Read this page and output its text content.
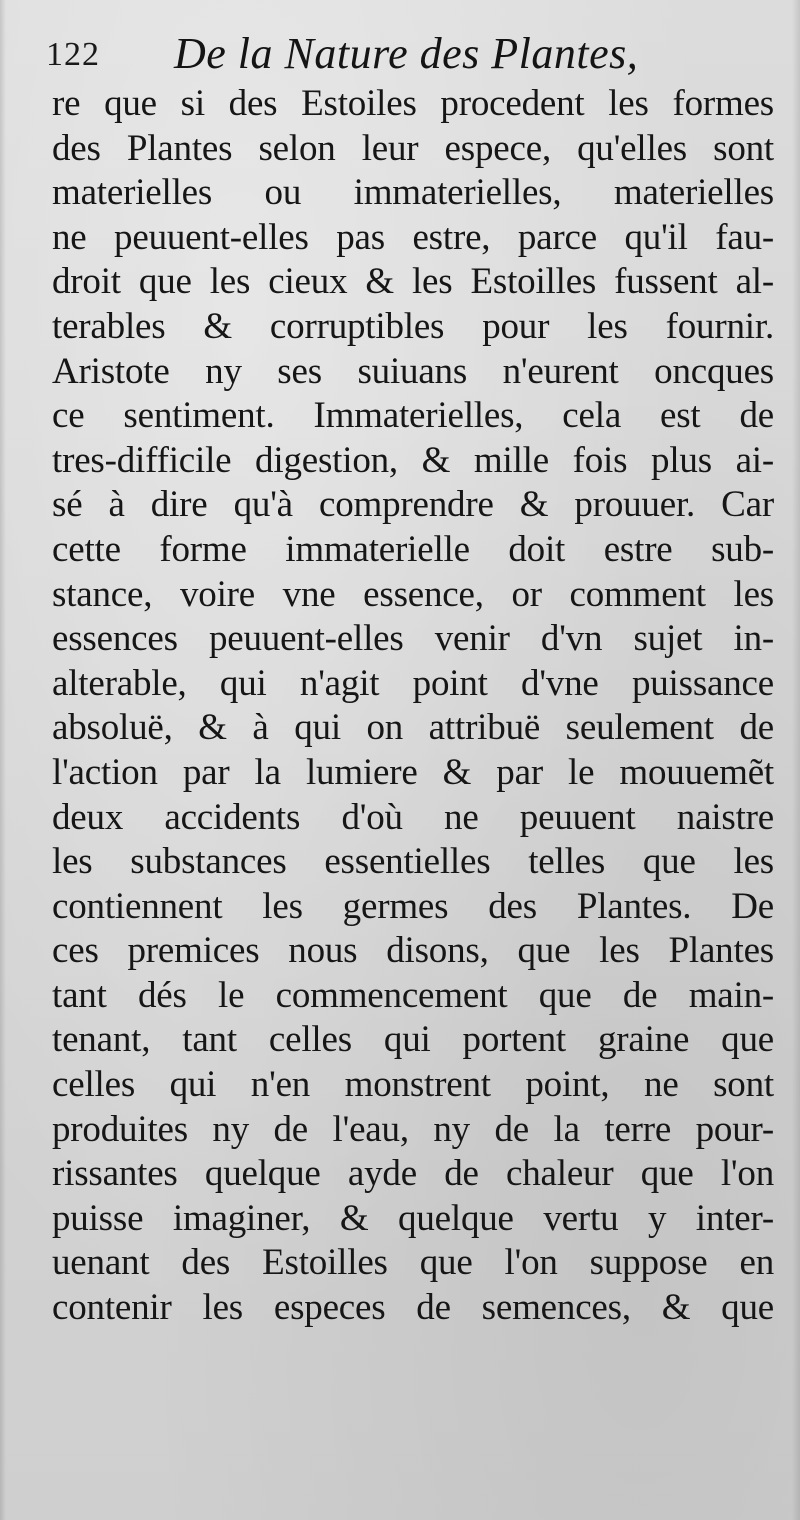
122 De la Nature des Plantes,
re que si des Estoiles procedent les formes
des Plantes selon leur espece, qu'elles sont
materielles ou immaterielles, materielles
ne peuuent-elles pas estre, parce qu'il fau-
droit que les cieux & les Estoilles fussent al-
terables & corruptibles pour les fournir.
Aristote ny ses suiuans n'eurent oncques
ce sentiment. Immaterielles, cela est de
tres-difficile digestion, & mille fois plus ai-
sé à dire qu'à comprendre & prouuer. Car
cette forme immaterielle doit estre sub-
stance, voire vne essence, or comment les
essences peuuent-elles venir d'vn sujet in-
alterable, qui n'agit point d'vne puissance
absoluë, & à qui on attribuë seulement de
l'action par la lumiere & par le mouuemẽt
deux accidents d'où ne peuuent naistre
les substances essentielles telles que les
contiennent les germes des Plantes. De
ces premices nous disons, que les Plantes
tant dés le commencement que de main-
tenant, tant celles qui portent graine que
celles qui n'en monstrent point, ne sont
produites ny de l'eau, ny de la terre pour-
rissantes quelque ayde de chaleur que l'on
puisse imaginer, & quelque vertu y inter-
uenant des Estoilles que l'on suppose en
contenir les especes de semences, & que
